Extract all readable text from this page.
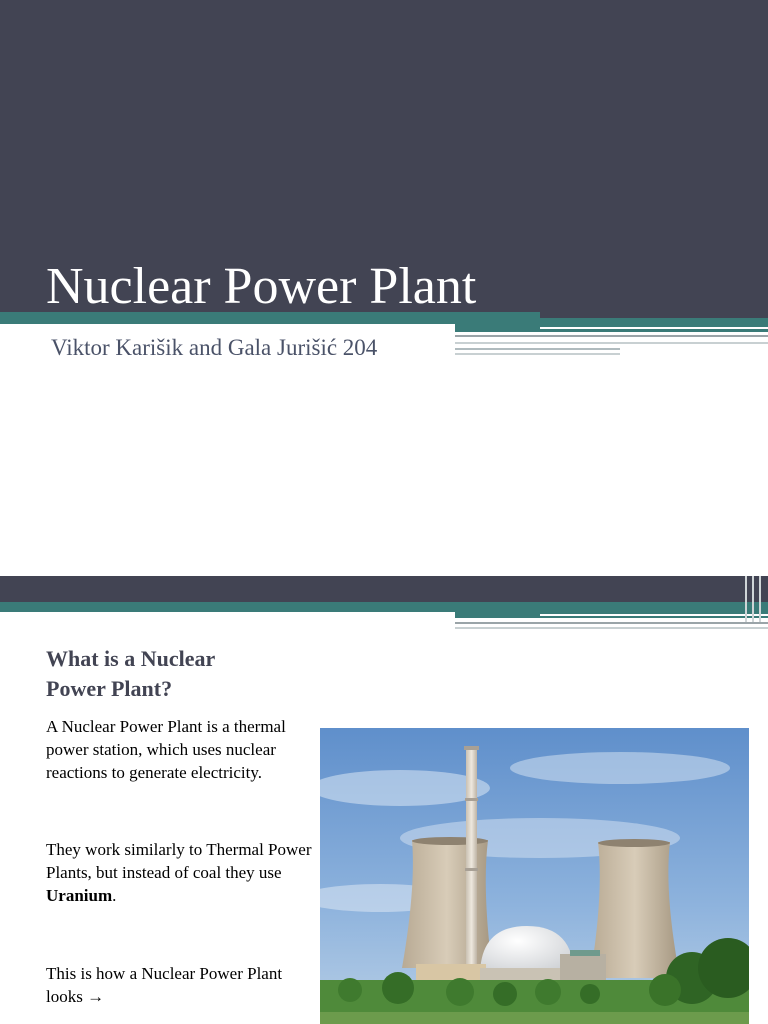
Nuclear Power Plant
Viktor Karišik and Gala Jurišić 204
What is a Nuclear Power Plant?
A Nuclear Power Plant is a thermal power station, which uses nuclear reactions to generate electricity.
They work similarly to Thermal Power Plants, but instead of coal they use Uranium.
This is how a Nuclear Power Plant looks →
